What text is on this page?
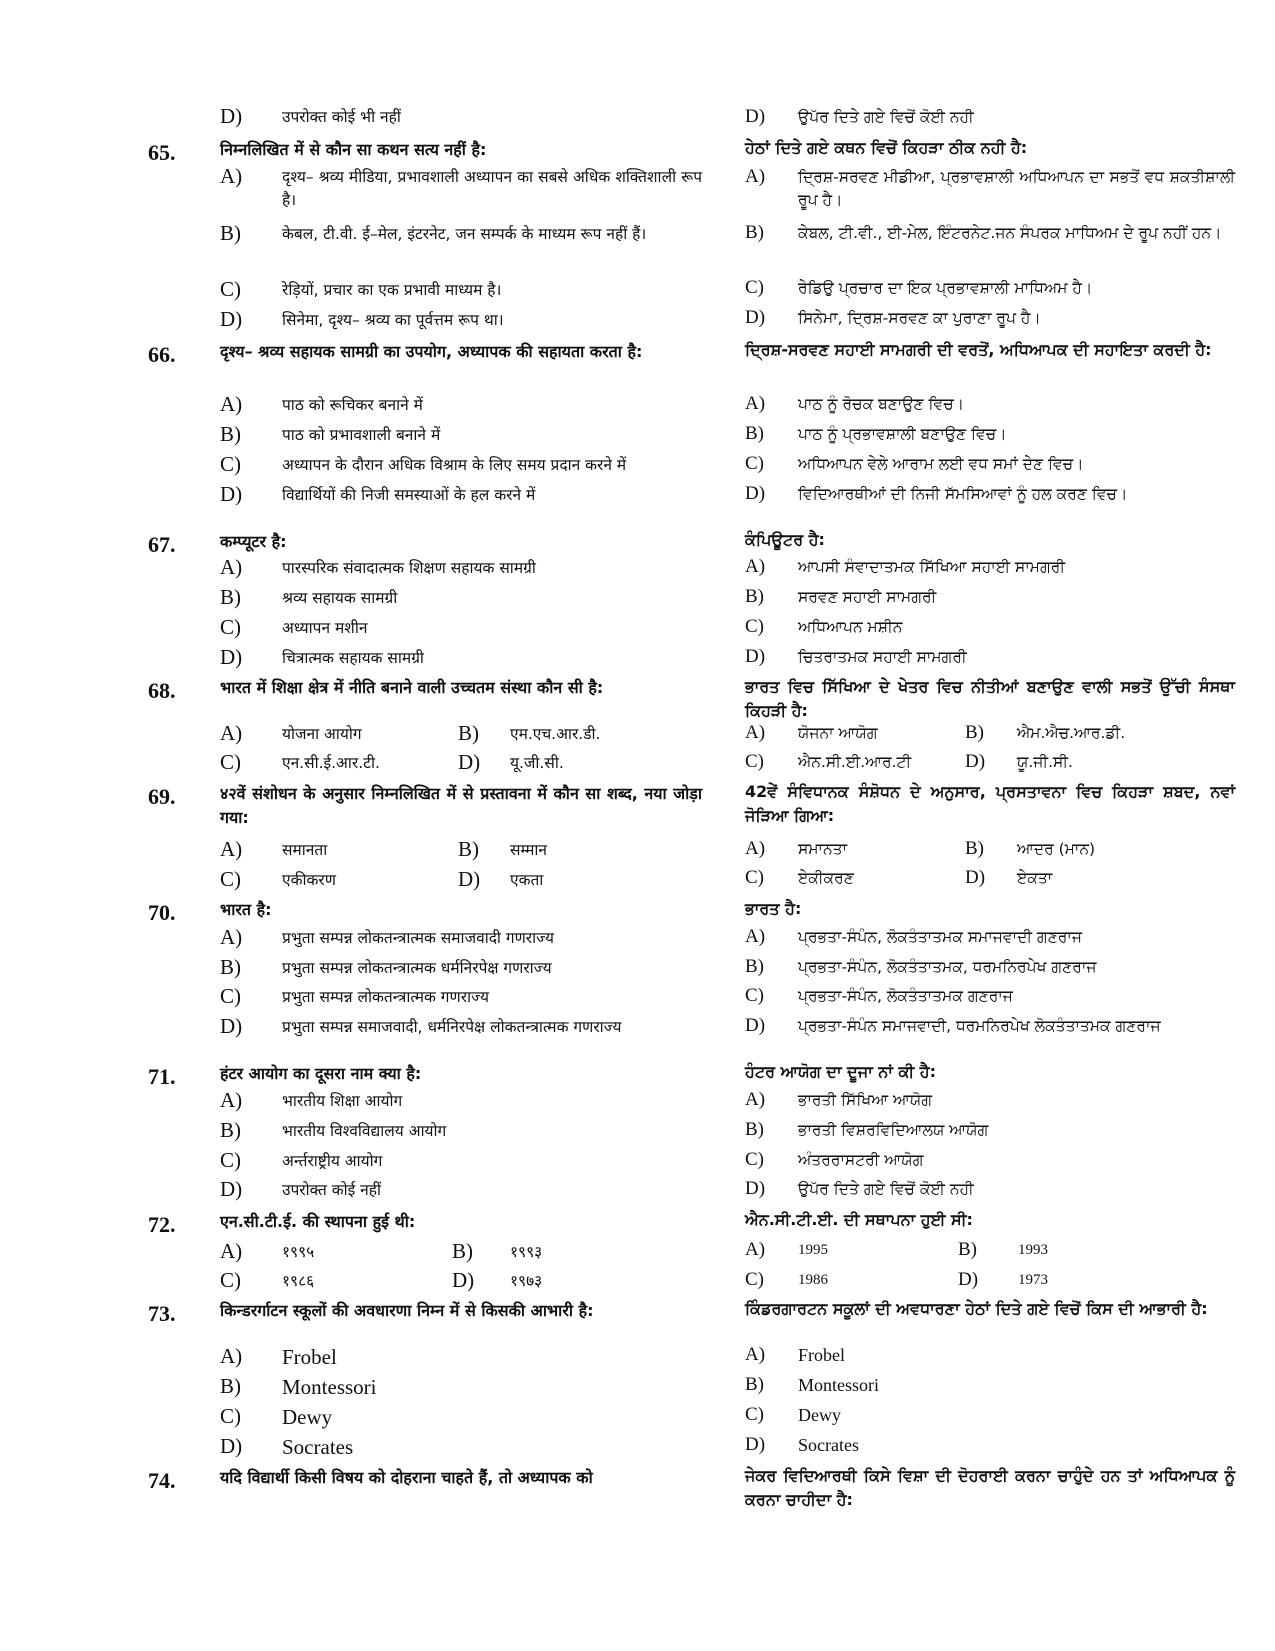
D)	उपरोक्त कोई भी नहीं	D) ਉਪੱਰ ਦਿਤੇ ਗਏ ਵਿਚੋਂ ਕੋਈ ਨਹੀ
65.	निम्नलिखित में से कौन सा कथन सत्य नहीं है:	ਹੇਠਾਂ ਦਿਤੇ ਗਏ ਕਥਨ ਵਿਚੋਂ ਕਿਹੜਾ ਠੀਕ ਨਹੀ ਹੈ:
A)	दृश्य– श्रव्य मीडिया, प्रभावशाली अध्यापन का सबसे अधिक शक्तिशाली रूप है।
B)	केबल, टी.वी. ई–मेल, इंटरनेट, जन सम्पर्क के माध्यम रूप नहीं हैं।
C)	रेड़ियों, प्रचार का एक प्रभावी माध्यम है।
D)	सिनेमा, दृश्य– श्रव्य का पूर्वत्तम रूप था।
A) ਦ੍ਰਿਸ਼-ਸਰਵਣ ਮੀਡੀਆ, ਪ੍ਰਭਾਵਸ਼ਾਲੀ ਅਧਿਆਪਨ ਦਾ ਸਭਤੋਂ ਵਧ ਸ਼ਕਤੀਸ਼ਾਲੀ ਰੂਪ ਹੈ।
B) ਕੇਬਲ, ਟੀ.ਵੀ., ਈ-ਮੇਲ, ਇੰਟਰਨੇਟ.ਜਨ ਸੰਪਰਕ ਮਾਧਿਅਮ ਦੇ ਰੂਪ ਨਹੀਂ ਹਨ।
C) ਰੇਡਿਉ ਪ੍ਰਚਾਰ ਦਾ ਇਕ ਪ੍ਰਭਾਵਸ਼ਾਲੀ ਮਾਧਿਅਮ ਹੈ।
D) ਸਿਨੇਮਾ, ਦ੍ਰਿਸ਼-ਸਰਵਣ ਕਾ ਪੁਰਾਣਾ ਰੂਪ ਹੈ।
66.	दृश्य– श्रव्य सहायक सामग्री का उपयोग, अध्यापक की सहायता करता है:	ਦ੍ਰਿਸ਼-ਸਰਵਣ ਸਹਾਈ ਸਾਮਗਰੀ ਦੀ ਵਰਤੋਂ, ਅਧਿਆਪਕ ਦੀ ਸਹਾਇਤਾ ਕਰਦੀ ਹੈ:
A)	पाठ को रूचिकर बनाने में
B)	पाठ को प्रभावशाली बनाने में
C)	अध्यापन के दौरान अधिक विश्राम के लिए समय प्रदान करने में
D)	विद्यार्थियों की निजी समस्याओं के हल करने में
A) ਪਾਠ ਨੂੰ ਰੋਚਕ ਬਣਾਉਣ ਵਿਚ।
B) ਪਾਠ ਨੂੰ ਪ੍ਰਭਾਵਸ਼ਾਲੀ ਬਣਾਉਣ ਵਿਚ।
C) ਅਧਿਆਪਨ ਵੇਲੇ ਆਰਾਮ ਲਈ ਵਧ ਸਮਾਂ ਦੇਣ ਵਿਚ।
D) ਵਿਦਿਆਰਥੀਆਂ ਦੀ ਨਿਜੀ ਸੱਮਸਿਆਵਾਂ ਨੂੰ ਹਲ ਕਰਣ ਵਿਚ।
67.	कम्प्यूटर है:	ਕੰਪਿਊਟਰ ਹੈ:
A)	पारस्परिक संवादात्मक शिक्षण सहायक सामग्री
B)	श्रव्य सहायक सामग्री
C)	अध्यापन मशीन
D)	चित्रात्मक सहायक सामग्री
A) ਆਪਸੀ ਸੰਵਾਦਾਤਮਕ ਸਿੱਖਿਆ ਸਹਾਈ ਸਾਮਗਰੀ
B) ਸਰਵਣ ਸਹਾਈ ਸਾਮਗਰੀ
C) ਅਧਿਆਪਨ ਮਸ਼ੀਨ
D) ਚਿਤਰਾਤਮਕ ਸਹਾਈ ਸਾਮਗਰੀ
68.	भारत में शिक्षा क्षेत्र में नीति बनाने वाली उच्चतम संस्था कौन सी है:	ਭਾਰਤ ਵਿਚ ਸਿੱਖਿਆ ਦੇ ਖੇਤਰ ਵਿਚ ਨੀਤੀਆਂ ਬਣਾਉਣ ਵਾਲੀ ਸਭਤੋਂ ਉੱਚੀ ਸੰਸਥਾ ਕਿਹੜੀ ਹੈ:
A)	योजना आयोग	B) एम.एच.आर.डी.
C)	एन.सी.ई.आर.टी.	D) यू.जी.सी.
A) ਯੋਜਨਾ ਆਯੋਗ	B) ਐਮ.ਐਚ.ਆਰ.ਡੀ.
C) ਐਨ.ਸੀ.ਈ.ਆਰ.ਟੀ	D) ਯੂ.ਜੀ.ਸੀ.
69.	४२वें संशोधन के अनुसार निम्नलिखित में से प्रस्तावना में कौन सा शब्द, नया जोड़ा गया:
42ਵੇਂ ਸੰਵਿਧਾਨਕ ਸੰਸ਼ੋਧਨ ਦੇ ਅਨੁਸਾਰ, ਪ੍ਰਸਤਾਵਨਾ ਵਿਚ ਕਿਹੜਾ ਸ਼ਬਦ, ਨਵਾਂ ਜੋੜਿਆ ਗਿਆ:
A)	समानता	B) सम्मान
C)	एकीकरण	D) एकता
A) ਸਮਾਨਤਾ	B) ਆਦਰ (ਮਾਨ)
C) ਏਕੀਕਰਣ	D) ਏਕਤਾ
70.	भारत है:	ਭਾਰਤ ਹੈ:
A)	प्रभुता सम्पन्न लोकतन्त्रात्मक समाजवादी गणराज्य
B)	प्रभुता सम्पन्न लोकतन्त्रात्मक धर्मनिरपेक्ष गणराज्य
C)	प्रभुता सम्पन्न लोकतन्त्रात्मक गणराज्य
D)	प्रभुता सम्पन्न समाजवादी, धर्मनिरपेक्ष लोकतन्त्रात्मक गणराज्य
A) ਪ੍ਰਭਤਾ-ਸੰਪੰਨ, ਲੋਕਤੰਤਾਤਮਕ ਸਮਾਜਵਾਦੀ ਗਣਰਾਜ
B) ਪ੍ਰਭਤਾ-ਸੰਪੰਨ, ਲੋਕਤੰਤਾਤਮਕ, ਧਰਮਨਿਰਪੇਖ ਗਣਰਾਜ
C) ਪ੍ਰਭਤਾ-ਸੰਪੰਨ, ਲੋਕਤੰਤਾਤਮਕ ਗਣਰਾਜ
D) ਪ੍ਰਭਤਾ-ਸੰਪੰਨ ਸਮਾਜਵਾਦੀ, ਧਰਮਨਿਰਪੇਖ ਲੋਕਤੰਤਾਤਮਕ ਗਣਰਾਜ
71.	हंटर आयोग का दूसरा नाम क्या है:	ਹੰਟਰ ਆਯੋਗ ਦਾ ਦੂਜਾ ਨਾਂ ਕੀ ਹੈ:
A)	भारतीय शिक्षा आयोग
B)	भारतीय विश्वविद्यालय आयोग
C)	अर्न्तराष्ट्रीय आयोग
D)	उपरोक्त कोई नहीं
A) ਭਾਰਤੀ ਸਿੱਖਿਆ ਆਯੋਗ
B) ਭਾਰਤੀ ਵਿਸ਼ਰਵਿਦਿਆਲਯ ਆਯੋਗ
C) ਅੰਤਰਰਾਸਟਰੀ ਆਯੋਗ
D) ਉਪੱਰ ਦਿਤੇ ਗਏ ਵਿਚੋਂ ਕੋਈ ਨਹੀ
72.	एन.सी.टी.ई. की स्थापना हुई थी:	ਐਨ.ਸੀ.ਟੀ.ਈ. ਦੀ ਸਥਾਪਨਾ ਹੁਈ ਸੀ:
A)	१९९५	B) १९९३
C)	१९८६	D) १९७३
A) 1995	B)	1993
C) 1986	D)	1973
73.	किन्डरर्गाटन स्कूलों की अवधारणा निम्न में से किसकी आभारी है:	ਕਿੰਡਰਗਾਰਟਨ ਸਕੂਲਾਂ ਦੀ ਅਵਧਾਰਣਾ ਹੇਠਾਂ ਦਿਤੇ ਗਏ ਵਿਚੋਂ ਕਿਸ ਦੀ ਆਭਾਰੀ ਹੈ:
A) Frobel
B) Montessori
C) Dewy
D) Socrates
A) Frobel
B) Montessori
C) Dewy
D) Socrates
74.	यदि विद्यार्थी किसी विषय को दोहराना चाहते हैं, तो अध्यापक को	ਜੇਕਰ ਵਿਦਿਆਰਥੀ ਕਿਸੇ ਵਿਸ਼ਾ ਦੀ ਦੋਹਰਾਈ ਕਰਨਾ ਚਾਹੁੰਦੇ ਹਨ ਤਾਂ ਅਧਿਆਪਕ ਨੂੰ ਕਰਨਾ ਚਾਹੀਦਾ ਹੈ:
